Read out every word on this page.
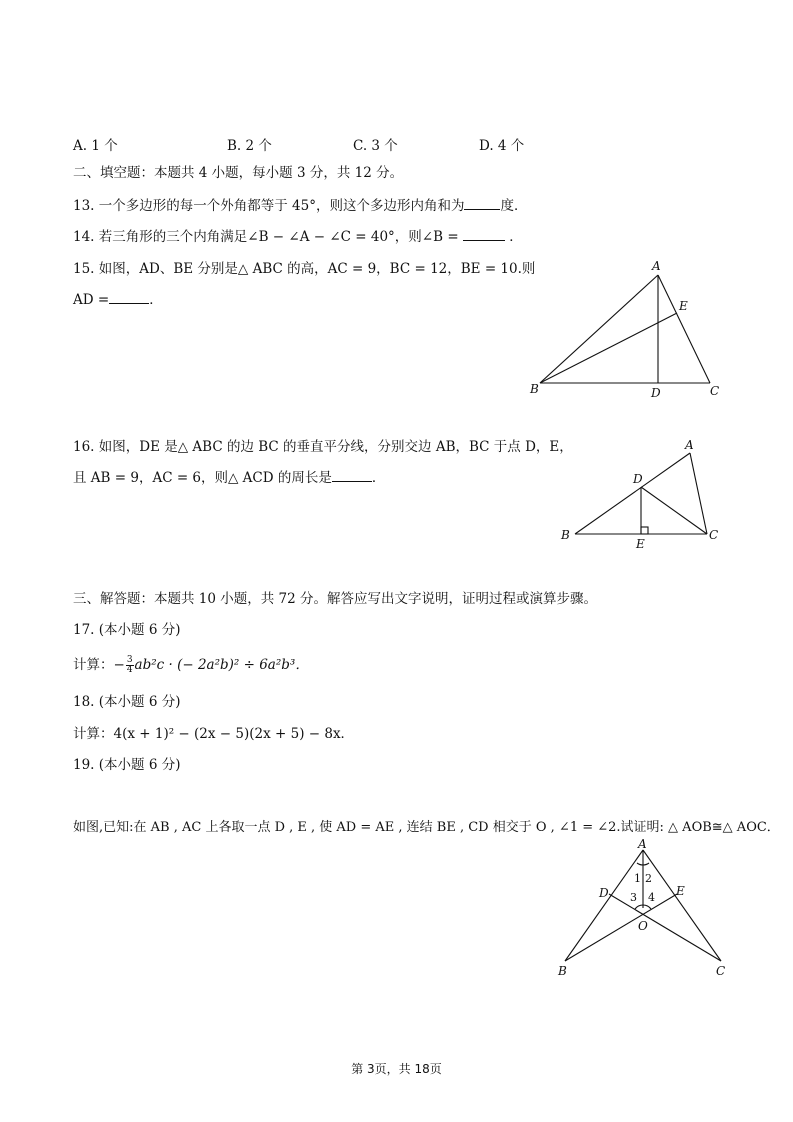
A. 1 个	B. 2 个	C. 3 个	D. 4 个
二、填空题：本题共 4 小题，每小题 3 分，共 12 分。
13. 一个多边形的每一个外角都等于 45°，则这个多边形内角和为	度．
14. 若三角形的三个内角满足∠B − ∠A − ∠C = 40°，则∠B =	．
15. 如图，AD、BE 分别是△ ABC 的高，AC = 9，BC = 12，BE = 10.则
AD =	．
A
B	C
D
E
16. 如图，DE 是△ ABC 的边 BC 的垂直平分线，分别交边 AB，BC 于点 D，E，
且 AB = 9，AC = 6，则△ ACD 的周长是	．
A
B	C
D
E
三、解答题：本题共 10 小题，共 72 分。解答应写出文字说明，证明过程或演算步骤。
17. (本小题 6 分)
计算：− $\frac{3}{4} ab^2c$ · (− 2a²b)² ÷ 6a²b³．
18. (本小题 6 分)
计算：4(x + 1)² − (2x − 5)(2x + 5) − 8x．
19. (本小题 6 分)
如图,已知:在 AB , AC 上各取一点 D , E , 使 AD = AE , 连结 BE , CD 相交于 O , ∠1 = ∠2.试证明: △ AOB≅△ AOC．
A
B	C
D	E
O
1 2
3 4
第 3页，共 18页
